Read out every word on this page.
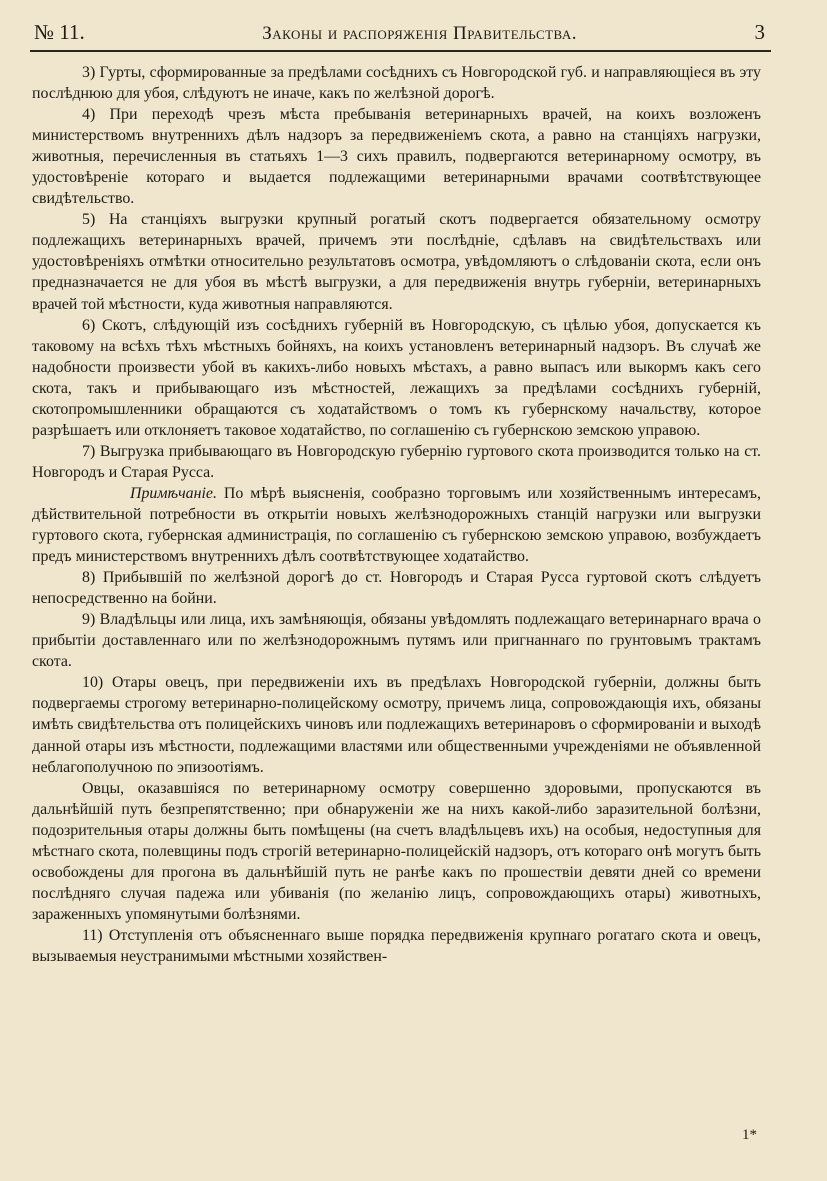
№ 11.	Законы и распоряженія Правительства.	3

3) Гурты, сформированные за предѣлами сосѣднихъ съ Новгородской губ. и направляющіеся въ эту послѣднюю для убоя, слѣдуютъ не иначе, какъ по желѣзной дорогѣ.

4) При переходѣ чрезъ мѣста пребыванія ветеринарныхъ врачей, на коихъ возложенъ министерствомъ внутреннихъ дѣлъ надзоръ за передвиженіемъ скота, а равно на станціяхъ нагрузки, животныя, перечисленныя въ статьяхъ 1—3 сихъ правилъ, подвергаются ветеринарному осмотру, въ удостовѣреніе котораго и выдается подлежащими ветеринарными врачами соотвѣтствующее свидѣтельство.

5) На станціяхъ выгрузки крупный рогатый скотъ подвергается обязательному осмотру подлежащихъ ветеринарныхъ врачей, причемъ эти послѣдніе, сдѣлавъ на свидѣтельствахъ или удостовѣреніяхъ отмѣтки относительно результатовъ осмотра, увѣдомляютъ о слѣдованіи скота, если онъ предназначается не для убоя въ мѣстѣ выгрузки, а для передвиженія внутрь губерніи, ветеринарныхъ врачей той мѣстности, куда животныя направляются.

6) Скотъ, слѣдующій изъ сосѣднихъ губерній въ Новгородскую, съ цѣлью убоя, допускается къ таковому на всѣхъ тѣхъ мѣстныхъ бойняхъ, на коихъ установленъ ветеринарный надзоръ. Въ случаѣ же надобности произвести убой въ какихъ-либо новыхъ мѣстахъ, а равно выпасъ или выкормъ какъ сего скота, такъ и прибывающаго изъ мѣстностей, лежащихъ за предѣлами сосѣднихъ губерній, скотопромышленники обращаются съ ходатайствомъ о томъ къ губернскому начальству, которое разрѣшаетъ или отклоняетъ таковое ходатайство, по соглашенію съ губернскою земскою управою.

7) Выгрузка прибывающаго въ Новгородскую губернію гуртового скота производится только на ст. Новгородъ и Старая Русса.

Примѣчаніе. По мѣрѣ выясненія, сообразно торговымъ или хозяйственнымъ интересамъ, дѣйствительной потребности въ открытіи новыхъ желѣзнодорожныхъ станцій нагрузки или выгрузки гуртового скота, губернская администрація, по соглашенію съ губернскою земскою управою, возбуждаетъ предъ министерствомъ внутреннихъ дѣлъ соотвѣтствующее ходатайство.

8) Прибывшій по желѣзной дорогѣ до ст. Новгородъ и Старая Русса гуртовой скотъ слѣдуетъ непосредственно на бойни.

9) Владѣльцы или лица, ихъ замѣняющія, обязаны увѣдомлять подлежащаго ветеринарнаго врача о прибытіи доставленнаго или по желѣзнодорожнымъ путямъ или пригнаннаго по грунтовымъ трактамъ скота.

10) Отары овецъ, при передвиженіи ихъ въ предѣлахъ Новгородской губерніи, должны быть подвергаемы строгому ветеринарно-полицейскому осмотру, причемъ лица, сопровождающія ихъ, обязаны имѣть свидѣтельства отъ полицейскихъ чиновъ или подлежащихъ ветеринаровъ о сформированіи и выходѣ данной отары изъ мѣстности, подлежащими властями или общественными учрежденіями не объявленной неблагополучною по эпизоотіямъ.

Овцы, оказавшіяся по ветеринарному осмотру совершенно здоровыми, пропускаются въ дальнѣйшій путь безпрепятственно; при обнаруженіи же на нихъ какой-либо заразительной болѣзни, подозрительныя отары должны быть помѣщены (на счетъ владѣльцевъ ихъ) на особыя, недоступныя для мѣстнаго скота, полевщины подъ строгій ветеринарно-полицейскій надзоръ, отъ котораго онѣ могутъ быть освобождены для прогона въ дальнѣйшій путь не ранѣе какъ по прошествіи девяти дней со времени послѣдняго случая падежа или убиванія (по желанію лицъ, сопровождающихъ отары) животныхъ, зараженныхъ упомянутыми болѣзнями.

11) Отступленія отъ объясненнаго выше порядка передвиженія крупнаго рогатаго скота и овецъ, вызываемыя неустранимыми мѣстными хозяйствен-

1*
